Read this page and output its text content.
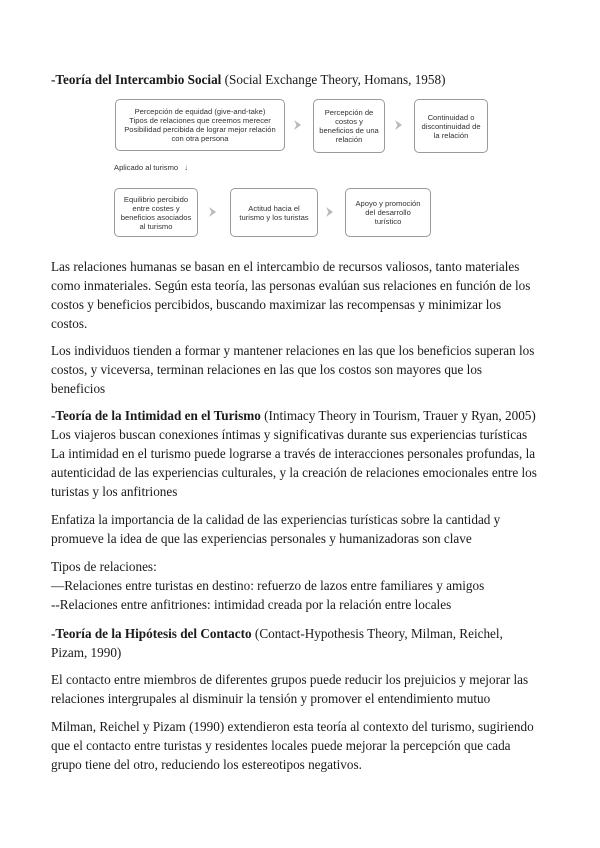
-Teoría del Intercambio Social (Social Exchange Theory, Homans, 1958)
Percepción de equidad (give-and-take)
Tipos de relaciones que creemos merecer
Posibilidad percibida de lograr mejor relación
con otra persona
Percepción de
costos y
beneficios de una
relación
Continuidad o
discontinuidad de
la relación
Aplicado al turismo ↓
Equilibrio percibido
entre costes y
beneficios asociados
al turismo
Actitud hacia el
turismo y los turistas
Apoyo y promoción
del desarrollo
turístico
Las relaciones humanas se basan en el intercambio de recursos valiosos, tanto materiales
como inmateriales. Según esta teoría, las personas evalúan sus relaciones en función de los
costos y beneficios percibidos, buscando maximizar las recompensas y minimizar los
costos.
Los individuos tienden a formar y mantener relaciones en las que los beneficios superan los
costos, y viceversa, terminan relaciones en las que los costos son mayores que los
beneficios
-Teoría de la Intimidad en el Turismo (Intimacy Theory in Tourism, Trauer y Ryan, 2005)
Los viajeros buscan conexiones íntimas y significativas durante sus experiencias turísticas
La intimidad en el turismo puede lograrse a través de interacciones personales profundas, la
autenticidad de las experiencias culturales, y la creación de relaciones emocionales entre los
turistas y los anfitriones
Enfatiza la importancia de la calidad de las experiencias turísticas sobre la cantidad y
promueve la idea de que las experiencias personales y humanizadoras son clave
Tipos de relaciones:
—Relaciones entre turistas en destino: refuerzo de lazos entre familiares y amigos
--Relaciones entre anfitriones: intimidad creada por la relación entre locales
-Teoría de la Hipótesis del Contacto (Contact-Hypothesis Theory, Milman, Reichel,
Pizam, 1990)
El contacto entre miembros de diferentes grupos puede reducir los prejuicios y mejorar las
relaciones intergrupales al disminuir la tensión y promover el entendimiento mutuo
Milman, Reichel y Pizam (1990) extendieron esta teoría al contexto del turismo, sugiriendo
que el contacto entre turistas y residentes locales puede mejorar la percepción que cada
grupo tiene del otro, reduciendo los estereotipos negativos.
